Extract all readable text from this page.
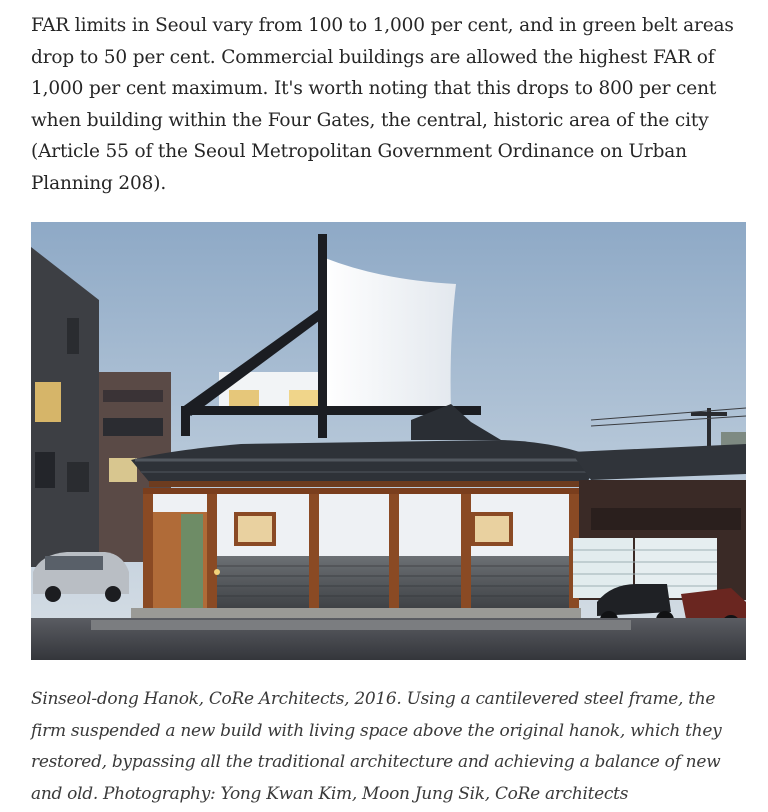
FAR limits in Seoul vary from 100 to 1,000 per cent, and in green belt areas drop to 50 per cent. Commercial buildings are allowed the highest FAR of 1,000 per cent maximum. It's worth noting that this drops to 800 per cent when building within the Four Gates, the central, historic area of the city (Article 55 of the Seoul Metropolitan Government Ordinance on Urban Planning 208).

Sinseol-dong Hanok, CoRe Architects, 2016. Using a cantilevered steel frame, the firm suspended a new build with living space above the original hanok, which they restored, bypassing all the traditional architecture and achieving a balance of new and old. Photography: Yong Kwan Kim, Moon Jung Sik, CoRe architects
